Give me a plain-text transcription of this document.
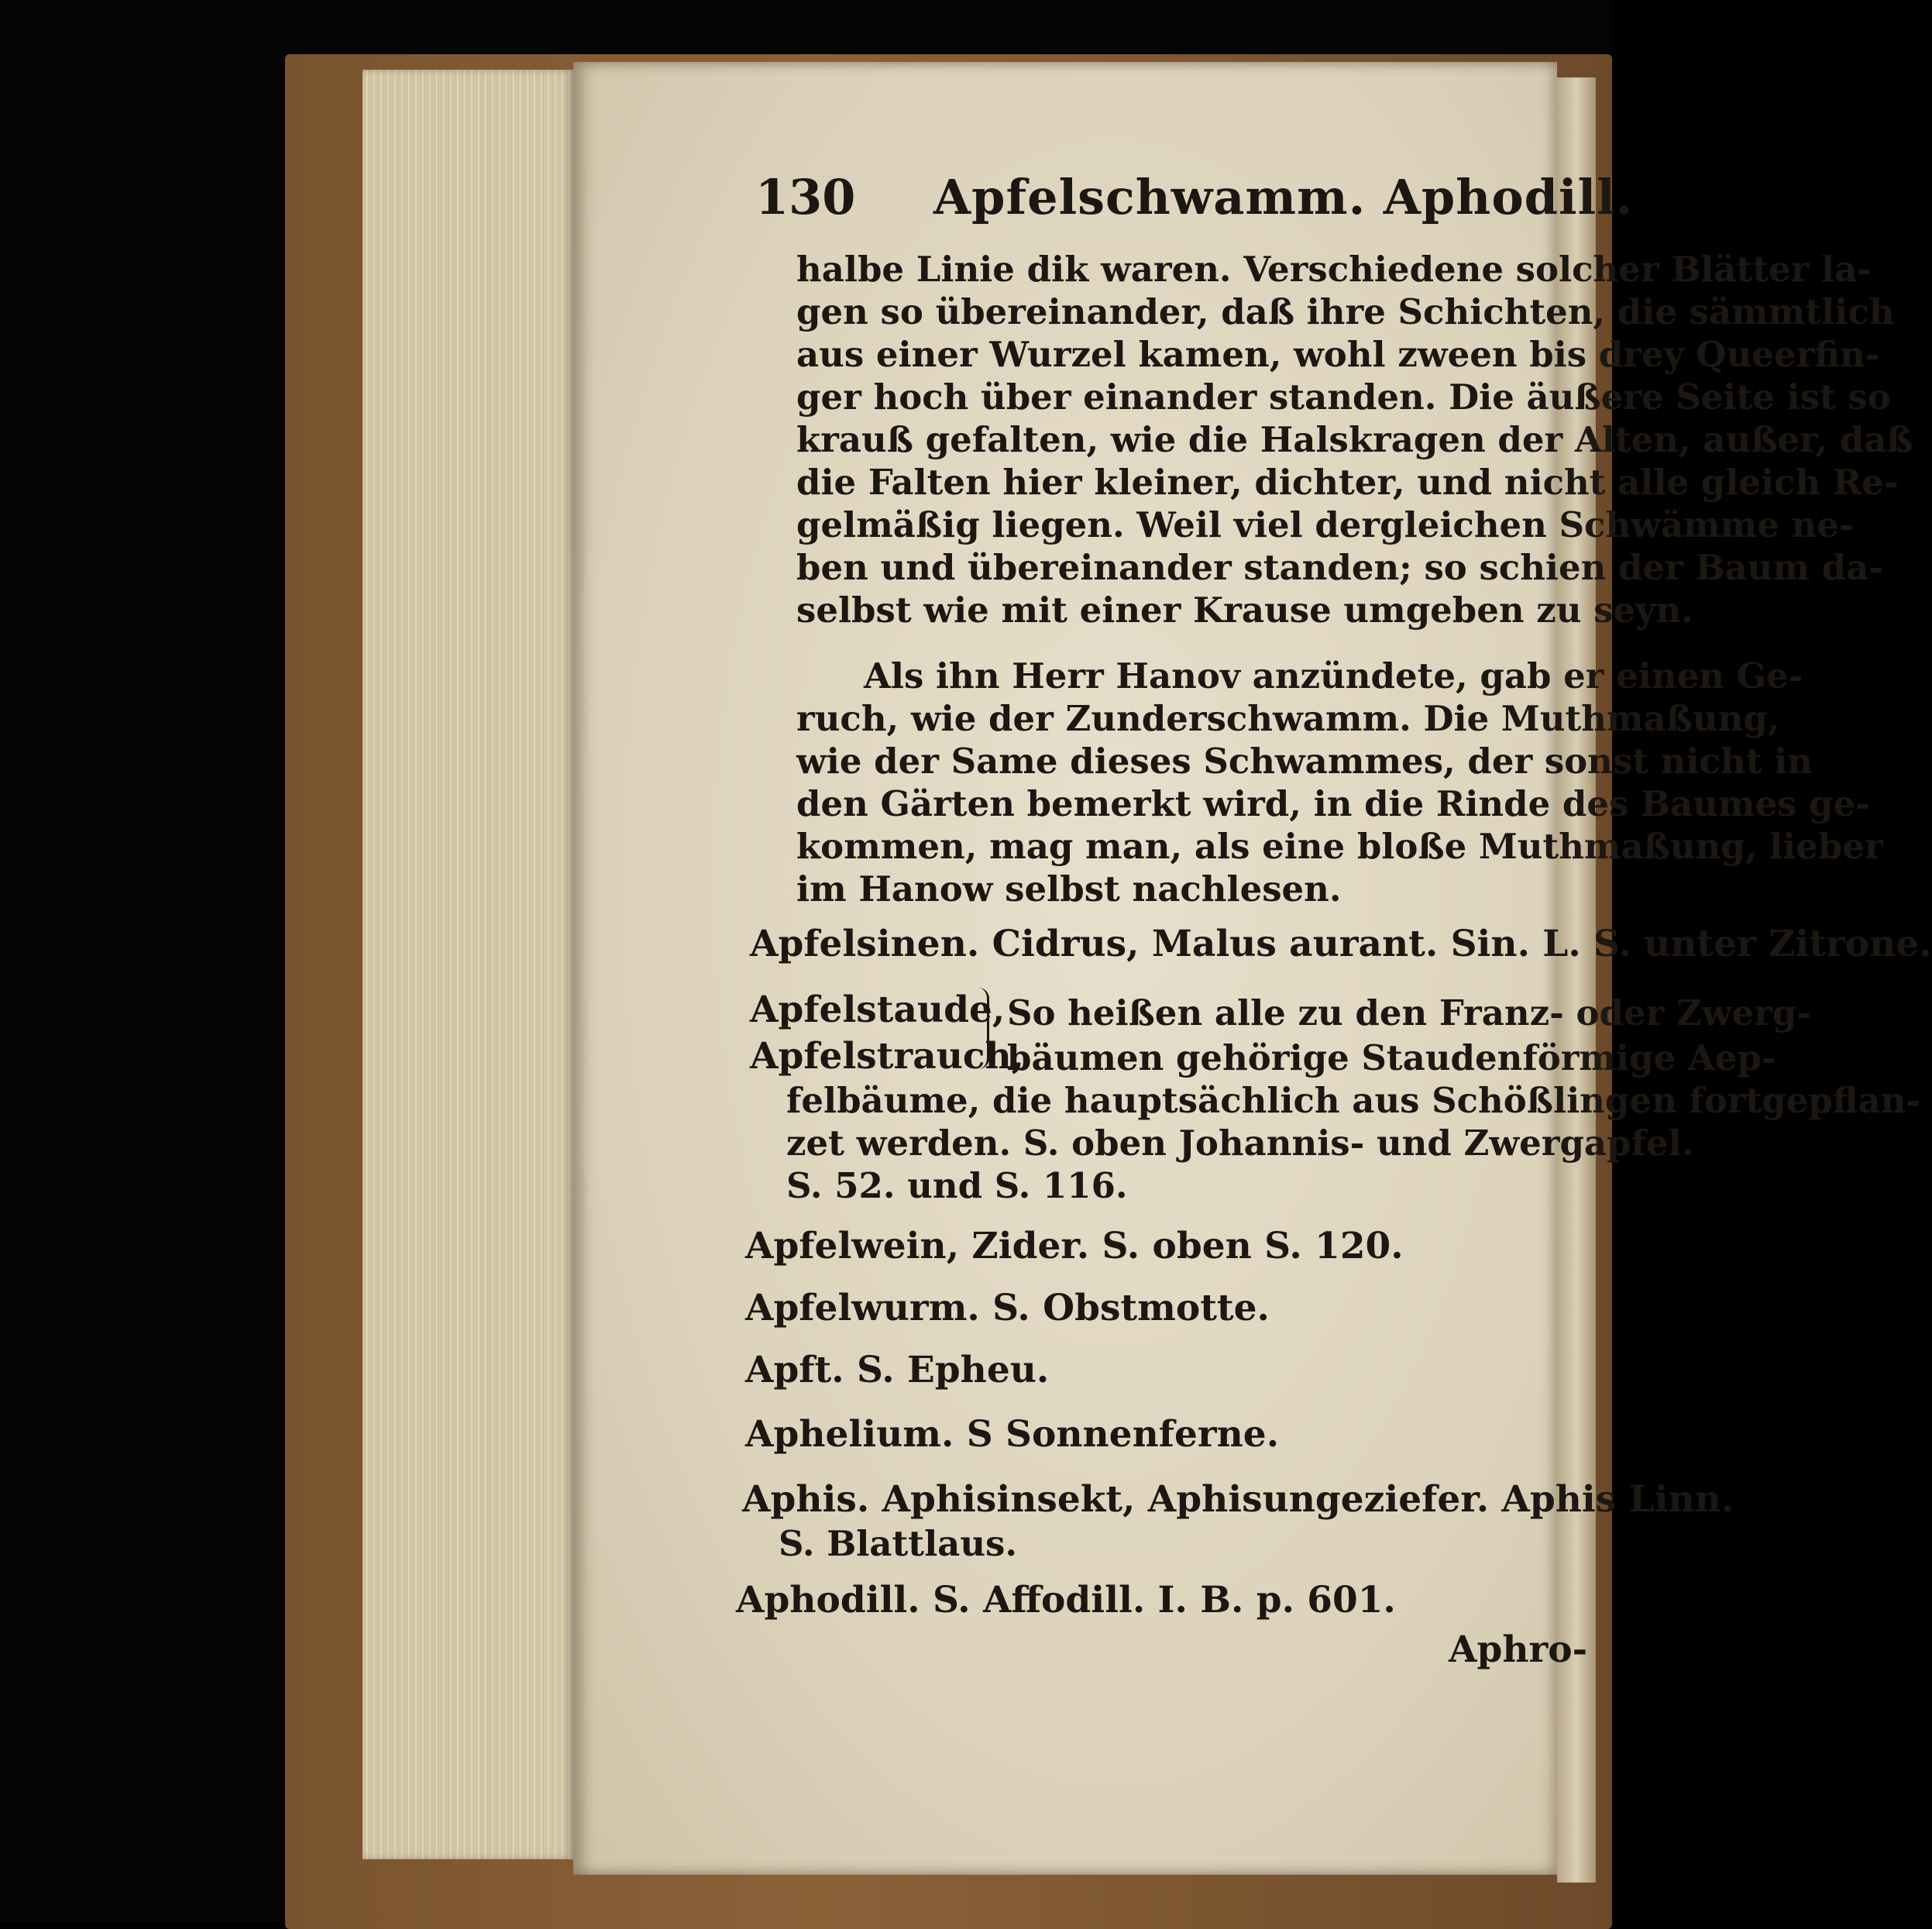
130 Apfelschwamm. Aphodill.
halbe Linie dik waren. Verschiedene solcher Blätter la-
gen so übereinander, daß ihre Schichten, die sämmtlich
aus einer Wurzel kamen, wohl zween bis drey Queerfin-
ger hoch über einander standen. Die äußere Seite ist so
krauß gefalten, wie die Halskragen der Alten, außer, daß
die Falten hier kleiner, dichter, und nicht alle gleich Re-
gelmäßig liegen. Weil viel dergleichen Schwämme ne-
ben und übereinander standen; so schien der Baum da-
selbst wie mit einer Krause umgeben zu seyn.
Als ihn Herr Hanov anzündete, gab er einen Ge-
ruch, wie der Zunderschwamm. Die Muthmaßung,
wie der Same dieses Schwammes, der sonst nicht in
den Gärten bemerkt wird, in die Rinde des Baumes ge-
kommen, mag man, als eine bloße Muthmaßung, lieber
im Hanow selbst nachlesen.
Apfelsinen. Cidrus, Malus aurant. Sin. L. S. unter Zitrone.
Apfelstaude,
Apfelstrauch,
So heißen alle zu den Franz- oder Zwerg-
bäumen gehörige Staudenförmige Aep-
felbäume, die hauptsächlich aus Schößlingen fortgepflan-
zet werden. S. oben Johannis- und Zwergapfel.
S. 52. und S. 116.
Apfelwein, Zider. S. oben S. 120.
Apfelwurm. S. Obstmotte.
Apft. S. Epheu.
Aphelium. S Sonnenferne.
Aphis. Aphisinsekt, Aphisungeziefer. Aphis Linn.
S. Blattlaus.
Aphodill. S. Affodill. I. B. p. 601.
Aphro-
